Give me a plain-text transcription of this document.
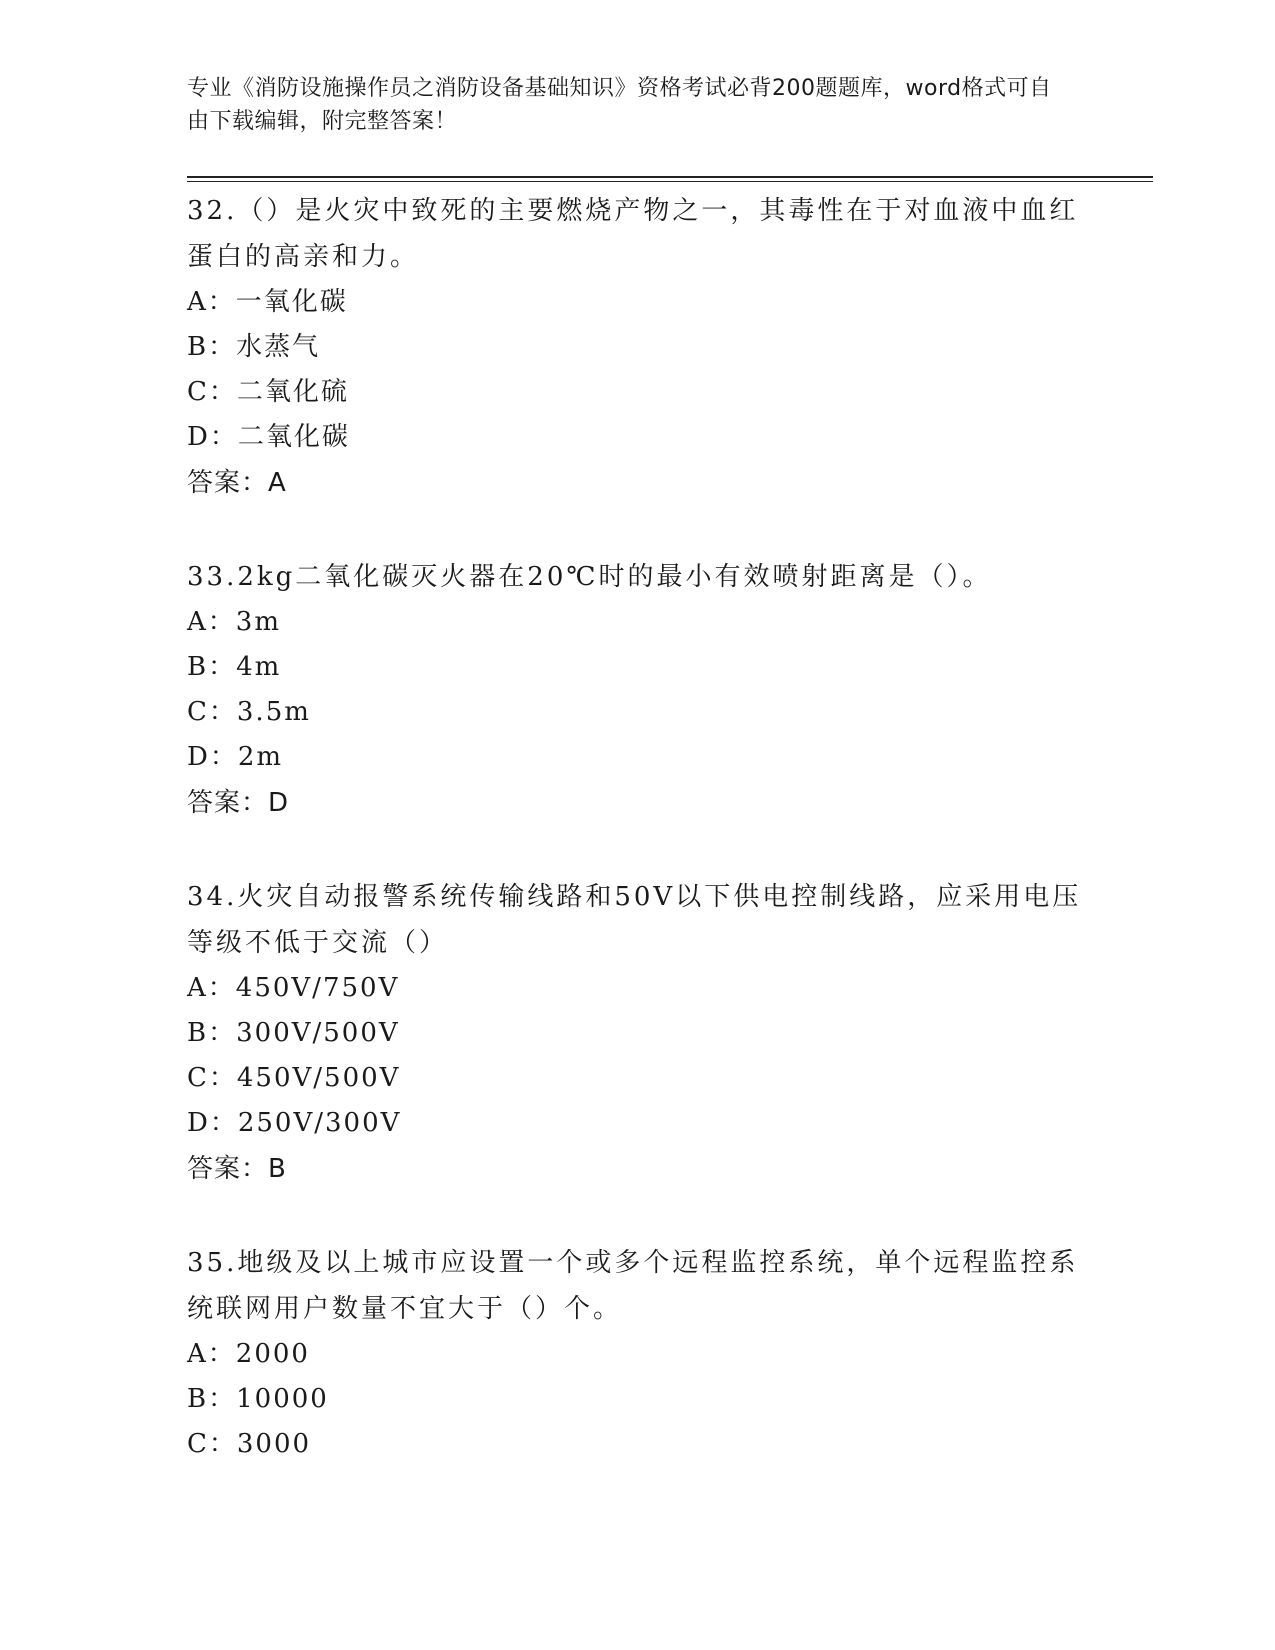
专业《消防设施操作员之消防设备基础知识》资格考试必背200题题库，word格式可自由下载编辑，附完整答案！

32.（）是火灾中致死的主要燃烧产物之一，其毒性在于对血液中血红蛋白的高亲和力。

A：一氧化碳

B：水蒸气

C：二氧化硫

D：二氧化碳

答案：A

33.2kg二氧化碳灭火器在20℃时的最小有效喷射距离是（）。

A：3m

B：4m

C：3.5m

D：2m

答案：D

34.火灾自动报警系统传输线路和50V以下供电控制线路，应采用电压等级不低于交流（）

A：450V/750V

B：300V/500V

C：450V/500V

D：250V/300V

答案：B

35.地级及以上城市应设置一个或多个远程监控系统，单个远程监控系统联网用户数量不宜大于（）个。

A：2000

B：10000

C：3000
